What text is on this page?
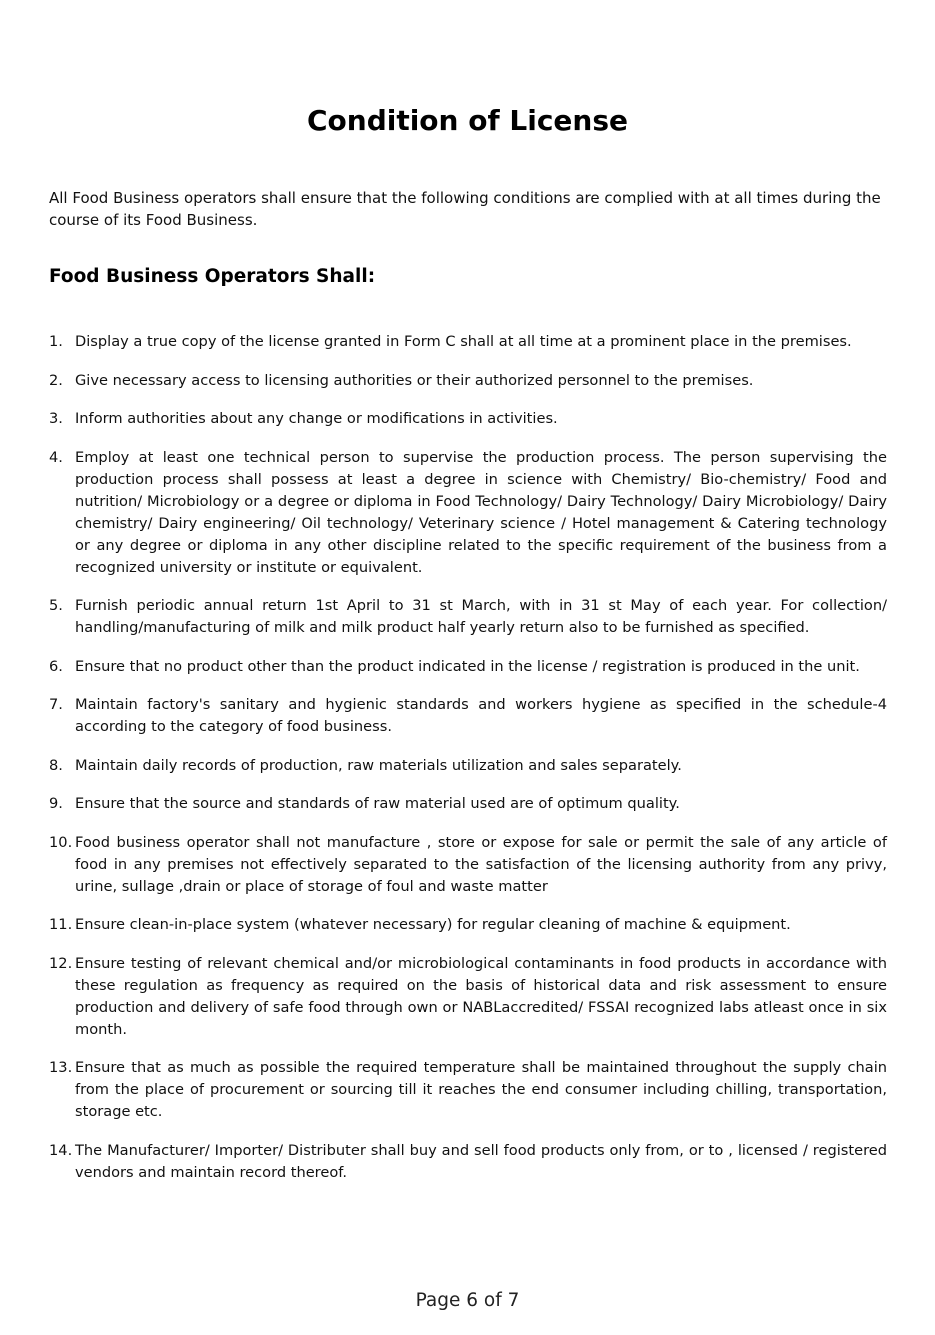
Condition of License

All Food Business operators shall ensure that the following conditions are complied with at all times during the course of its Food Business.

Food Business Operators Shall:
1. Display a true copy of the license granted in Form C shall at all time at a prominent place in the premises.
2. Give necessary access to licensing authorities or their authorized personnel to the premises.
3. Inform authorities about any change or modifications in activities.
4. Employ at least one technical person to supervise the production process. The person supervising the production process shall possess at least a degree in science with Chemistry/ Bio-chemistry/ Food and nutrition/ Microbiology or a degree or diploma in Food Technology/ Dairy Technology/ Dairy Microbiology/ Dairy chemistry/ Dairy engineering/ Oil technology/ Veterinary science / Hotel management & Catering technology or any degree or diploma in any other discipline related to the specific requirement of the business from a recognized university or institute or equivalent.
5. Furnish periodic annual return 1st April to 31 st March, with in 31 st May of each year. For collection/ handling/manufacturing of milk and milk product half yearly return also to be furnished as specified.
6. Ensure that no product other than the product indicated in the license / registration is produced in the unit.
7. Maintain factory's sanitary and hygienic standards and workers hygiene as specified in the schedule-4 according to the category of food business.
8. Maintain daily records of production, raw materials utilization and sales separately.
9. Ensure that the source and standards of raw material used are of optimum quality.
10. Food business operator shall not manufacture , store or expose for sale or permit the sale of any article of food in any premises not effectively separated to the satisfaction of the licensing authority from any privy, urine, sullage ,drain or place of storage of foul and waste matter
11. Ensure clean-in-place system (whatever necessary) for regular cleaning of machine & equipment.
12. Ensure testing of relevant chemical and/or microbiological contaminants in food products in accordance with these regulation as frequency as required on the basis of historical data and risk assessment to ensure production and delivery of safe food through own or NABLaccredited/ FSSAI recognized labs atleast once in six month.
13. Ensure that as much as possible the required temperature shall be maintained throughout the supply chain from the place of procurement or sourcing till it reaches the end consumer including chilling, transportation, storage etc.
14. The Manufacturer/ Importer/ Distributer shall buy and sell food products only from, or to , licensed / registered vendors and maintain record thereof.
Page 6 of 7
